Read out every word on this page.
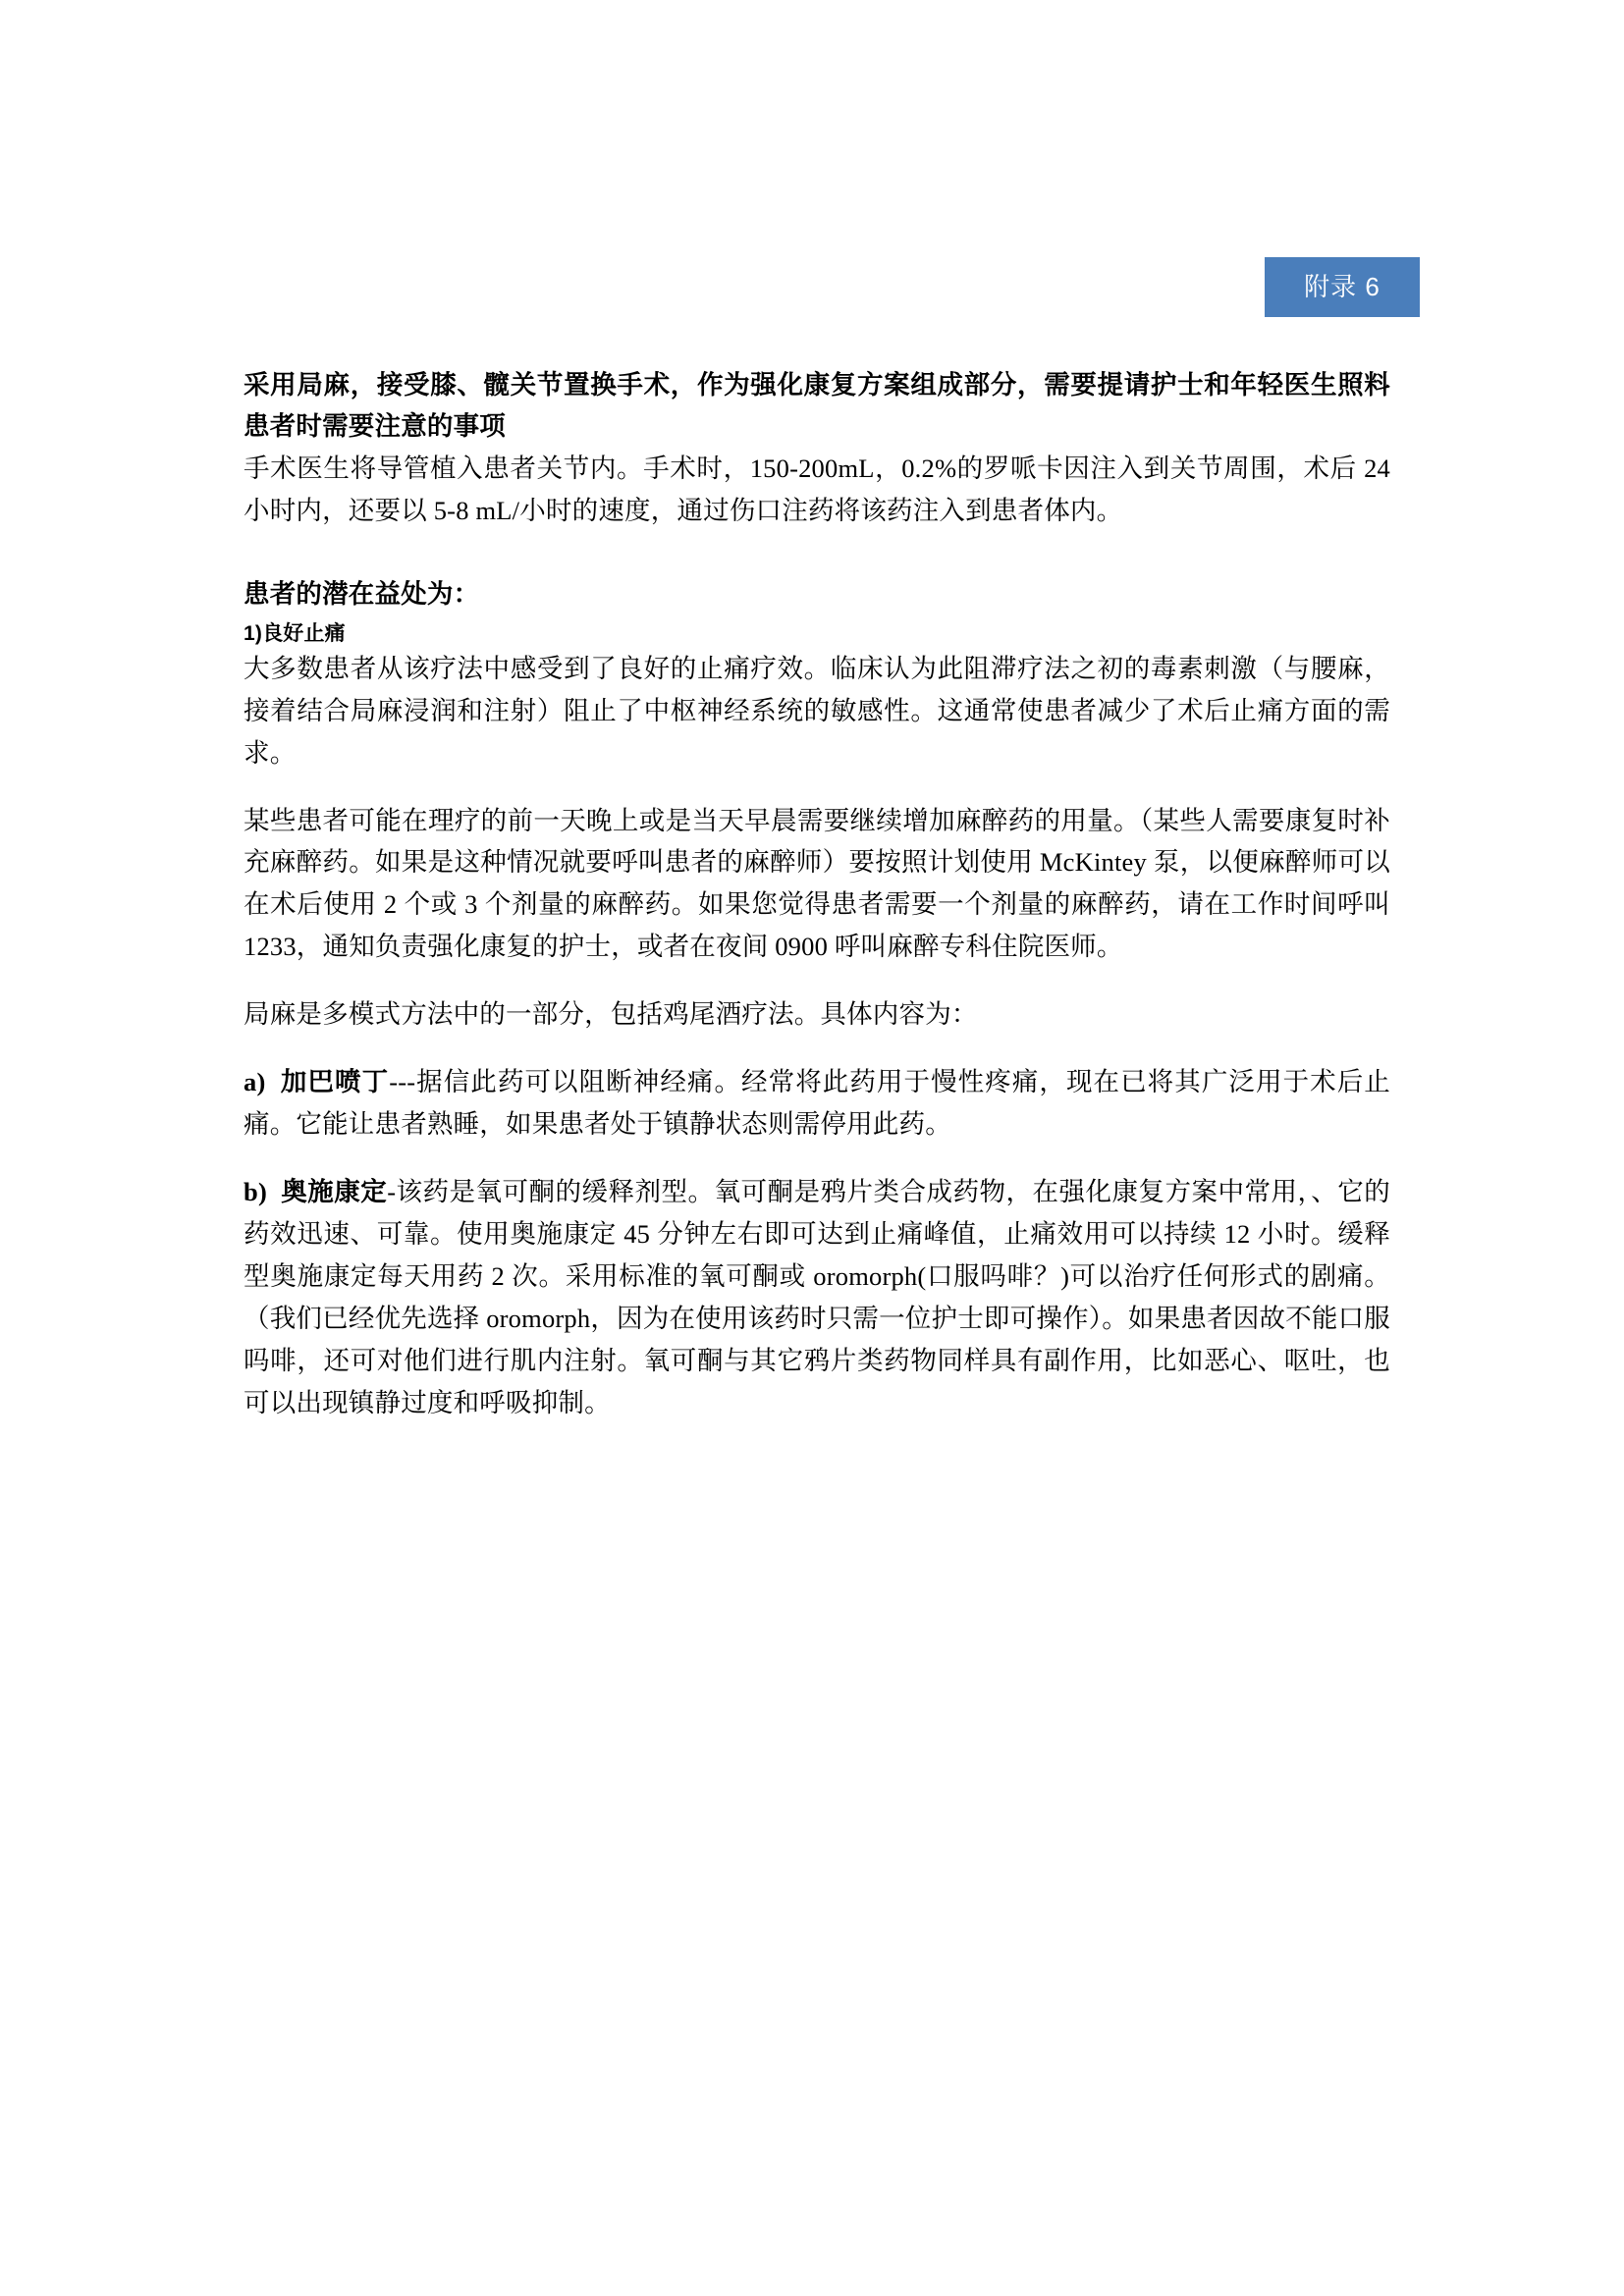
附录 6

采用局麻，接受膝、髋关节置换手术，作为强化康复方案组成部分，需要提请护士和年轻医生照料患者时需要注意的事项

手术医生将导管植入患者关节内。手术时，150-200mL，0.2%的罗哌卡因注入到关节周围，术后 24 小时内，还要以 5-8 mL/小时的速度，通过伤口注药将该药注入到患者体内。

患者的潜在益处为：

1)良好止痛

大多数患者从该疗法中感受到了良好的止痛疗效。临床认为此阻滞疗法之初的毒素刺激（与腰麻，接着结合局麻浸润和注射）阻止了中枢神经系统的敏感性。这通常使患者减少了术后止痛方面的需求。

某些患者可能在理疗的前一天晚上或是当天早晨需要继续增加麻醉药的用量。（某些人需要康复时补充麻醉药。如果是这种情况就要呼叫患者的麻醉师）要按照计划使用 McKintey 泵，以便麻醉师可以在术后使用 2 个或 3 个剂量的麻醉药。如果您觉得患者需要一个剂量的麻醉药，请在工作时间呼叫 1233，通知负责强化康复的护士，或者在夜间 0900 呼叫麻醉专科住院医师。

局麻是多模式方法中的一部分，包括鸡尾酒疗法。具体内容为：

a) 加巴喷丁---据信此药可以阻断神经痛。经常将此药用于慢性疼痛，现在已将其广泛用于术后止痛。它能让患者熟睡，如果患者处于镇静状态则需停用此药。

b) 奥施康定-该药是氧可酮的缓释剂型。氧可酮是鸦片类合成药物，在强化康复方案中常用，、它的药效迅速、可靠。使用奥施康定 45 分钟左右即可达到止痛峰值，止痛效用可以持续 12 小时。缓释型奥施康定每天用药 2 次。采用标准的氧可酮或 oromorph(口服吗啡？)可以治疗任何形式的剧痛。（我们已经优先选择 oromorph，因为在使用该药时只需一位护士即可操作）。如果患者因故不能口服吗啡，还可对他们进行肌内注射。氧可酮与其它鸦片类药物同样具有副作用，比如恶心、呕吐，也可以出现镇静过度和呼吸抑制。
